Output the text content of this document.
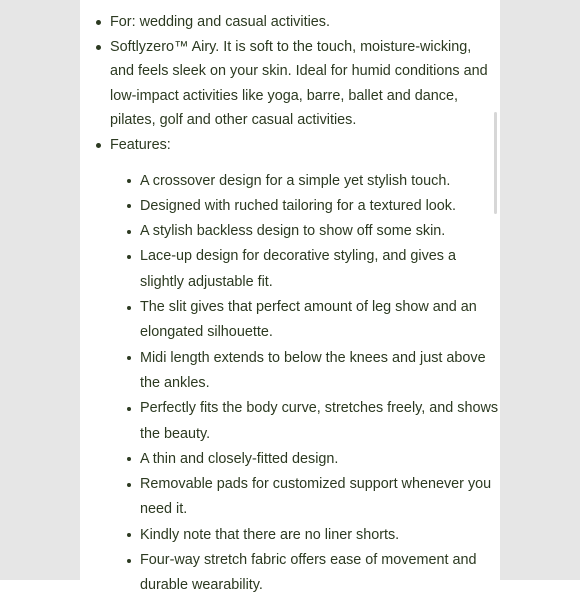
For: wedding and casual activities.
Softlyzero™ Airy. It is soft to the touch, moisture-wicking, and feels sleek on your skin. Ideal for humid conditions and low-impact activities like yoga, barre, ballet and dance, pilates, golf and other casual activities.
Features:
A crossover design for a simple yet stylish touch.
Designed with ruched tailoring for a textured look.
A stylish backless design to show off some skin.
Lace-up design for decorative styling, and gives a slightly adjustable fit.
The slit gives that perfect amount of leg show and an elongated silhouette.
Midi length extends to below the knees and just above the ankles.
Perfectly fits the body curve, stretches freely, and shows the beauty.
A thin and closely-fitted design.
Removable pads for customized support whenever you need it.
Kindly note that there are no liner shorts.
Four-way stretch fabric offers ease of movement and durable wearability.
